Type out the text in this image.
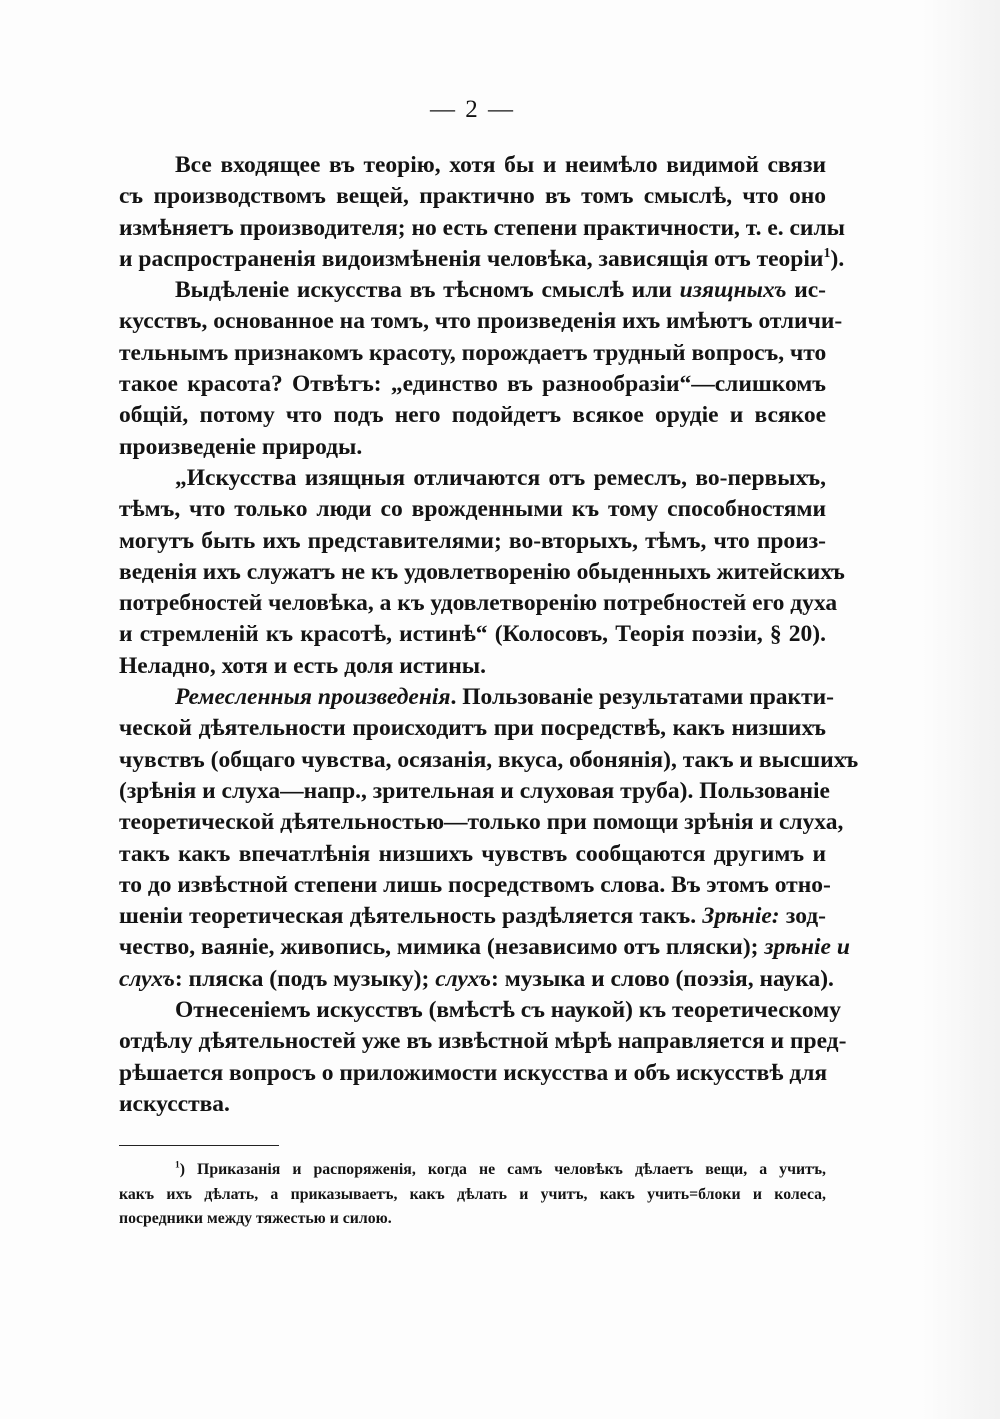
— 2 —
Все входящее въ теорію, хотя бы и неимѣло видимой связи
съ производствомъ вещей, практично въ томъ смыслѣ, что оно
измѣняетъ производителя; но есть степени практичности, т. е. силы
и распространенія видоизмѣненія человѣка, зависящія отъ теоріи$^1$).
Выдѣленіе искусства въ тѣсномъ смыслѣ или изящныхъ ис-
кусствъ, основанное на томъ, что произведенія ихъ имѣютъ отличи-
тельнымъ признакомъ красоту, порождаетъ трудный вопросъ, что
такое красота? Отвѣтъ: „единство въ разнообразіи“—слишкомъ
общій, потому что подъ него подойдетъ всякое орудіе и всякое
произведеніе природы.
„Искусства изящныя отличаются отъ ремеслъ, во-первыхъ,
тѣмъ, что только люди со врожденными къ тому способностями
могутъ быть ихъ представителями; во-вторыхъ, тѣмъ, что произ-
веденія ихъ служатъ не къ удовлетворенію обыденныхъ житейскихъ
потребностей человѣка, а къ удовлетворенію потребностей его духа
и стремленій къ красотѣ, истинѣ“ (Колосовъ, Теорія поэзіи, § 20).
Неладно, хотя и есть доля истины.
Ремесленныя произведенія. Пользованіе результатами практи-
ческой дѣятельности происходитъ при посредствѣ, какъ низшихъ
чувствъ (общаго чувства, осязанія, вкуса, обонянія), такъ и высшихъ
(зрѣнія и слуха—напр., зрительная и слуховая труба). Пользованіе
теоретической дѣятельностью—только при помощи зрѣнія и слуха,
такъ какъ впечатлѣнія низшихъ чувствъ сообщаются другимъ и
то до извѣстной степени лишь посредствомъ слова. Въ этомъ отно-
шеніи теоретическая дѣятельность раздѣляется такъ. Зрѣніе: зод-
чество, ваяніе, живопись, мимика (независимо отъ пляски); зрѣніе и
слухъ: пляска (подъ музыку); слухъ: музыка и слово (поэзія, наука).
Отнесеніемъ искусствъ (вмѣстѣ съ наукой) къ теоретическому
отдѣлу дѣятельностей уже въ извѣстной мѣрѣ направляется и пред-
рѣшается вопросъ о приложимости искусства и объ искусствѣ для
искусства.
$^1$) Приказанія и распоряженія, когда не самъ человѣкъ дѣлаетъ вещи, а учитъ,
какъ ихъ дѣлать, а приказываетъ, какъ дѣлать и учитъ, какъ учить=блоки и колеса,
посредники между тяжестью и силою.
